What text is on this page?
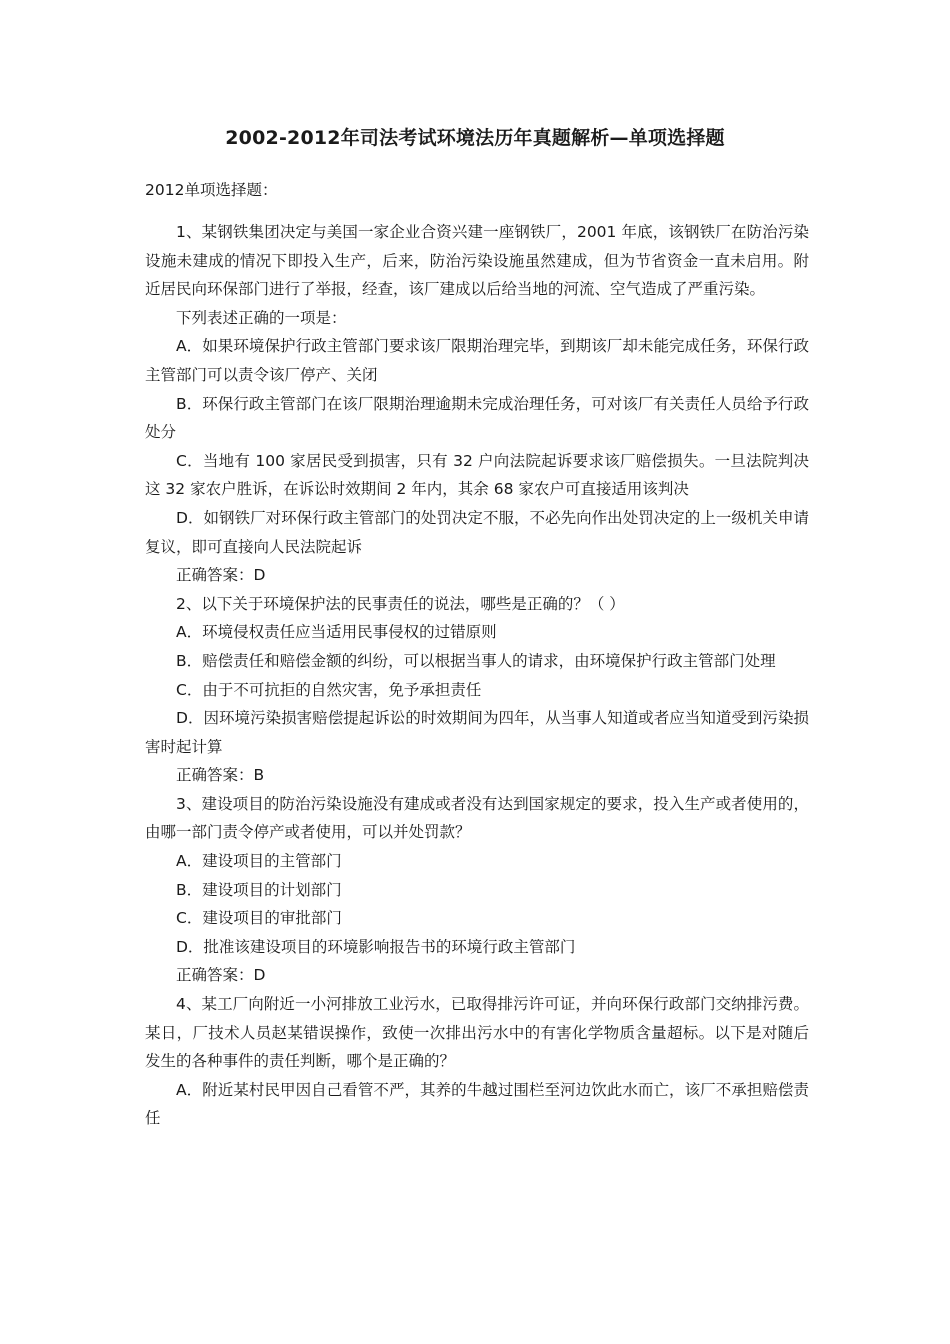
2002-2012年司法考试环境法历年真题解析—单项选择题

2012单项选择题：

1、某钢铁集团决定与美国一家企业合资兴建一座钢铁厂，2001 年底，该钢铁厂在防治污染设施未建成的情况下即投入生产，后来，防治污染设施虽然建成，但为节省资金一直未启用。附近居民向环保部门进行了举报，经查，该厂建成以后给当地的河流、空气造成了严重污染。

下列表述正确的一项是：

A．如果环境保护行政主管部门要求该厂限期治理完毕，到期该厂却未能完成任务，环保行政主管部门可以责令该厂停产、关闭

B．环保行政主管部门在该厂限期治理逾期未完成治理任务，可对该厂有关责任人员给予行政处分

C．当地有 100 家居民受到损害，只有 32 户向法院起诉要求该厂赔偿损失。一旦法院判决这 32 家农户胜诉，在诉讼时效期间 2 年内，其余 68 家农户可直接适用该判决

D．如钢铁厂对环保行政主管部门的处罚决定不服，不必先向作出处罚决定的上一级机关申请复议，即可直接向人民法院起诉

正确答案：D

2、以下关于环境保护法的民事责任的说法，哪些是正确的？（ ）

A．环境侵权责任应当适用民事侵权的过错原则

B．赔偿责任和赔偿金额的纠纷，可以根据当事人的请求，由环境保护行政主管部门处理

C．由于不可抗拒的自然灾害，免予承担责任

D．因环境污染损害赔偿提起诉讼的时效期间为四年，从当事人知道或者应当知道受到污染损害时起计算

正确答案：B

3、建设项目的防治污染设施没有建成或者没有达到国家规定的要求，投入生产或者使用的，由哪一部门责令停产或者使用，可以并处罚款？

A．建设项目的主管部门

B．建设项目的计划部门

C．建设项目的审批部门

D．批准该建设项目的环境影响报告书的环境行政主管部门

正确答案：D

4、某工厂向附近一小河排放工业污水，已取得排污许可证，并向环保行政部门交纳排污费。某日，厂技术人员赵某错误操作，致使一次排出污水中的有害化学物质含量超标。以下是对随后发生的各种事件的责任判断，哪个是正确的？

A．附近某村民甲因自己看管不严，其养的牛越过围栏至河边饮此水而亡，该厂不承担赔偿责任
